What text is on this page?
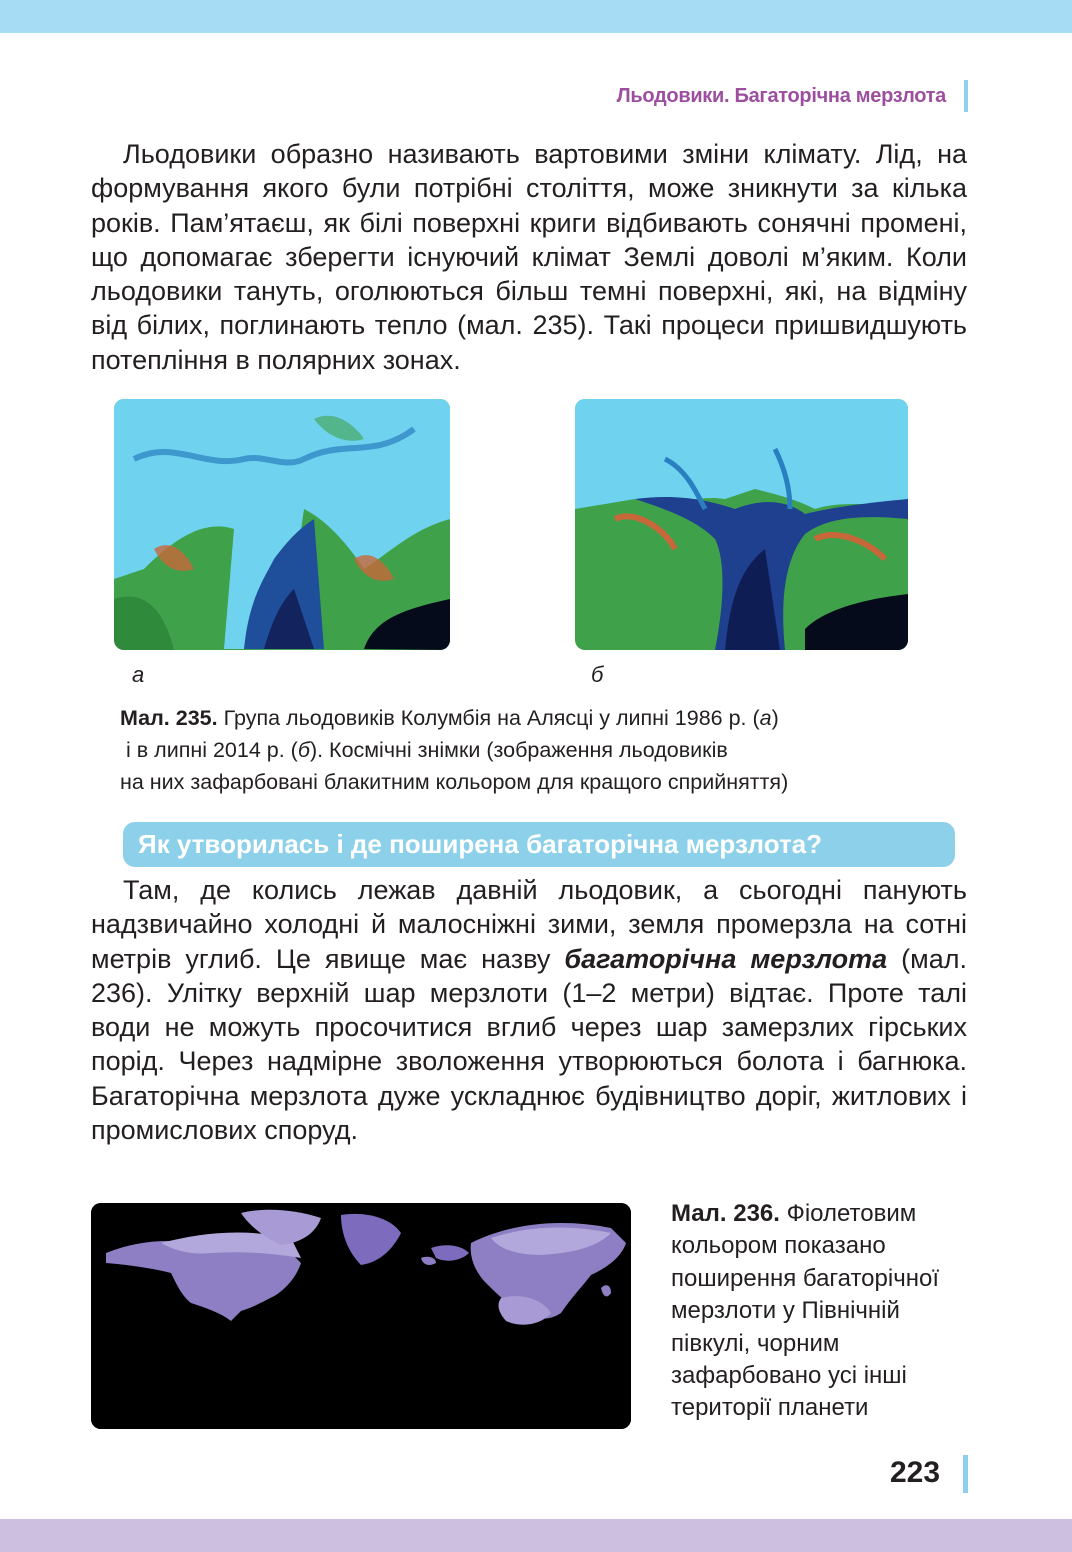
Льодовики. Багаторічна мерзлота

Льодовики образно називають вартовими зміни клімату. Лід, на формування якого були потрібні століття, може зникнути за кілька років. Пам’ятаєш, як білі поверхні криги відбивають сонячні промені, що допомагає зберегти існуючий клімат Землі доволі м’яким. Коли льодовики тануть, оголюються більш темні поверхні, які, на відміну від білих, поглинають тепло (мал. 235). Такі процеси пришвидшують потепління в полярних зонах.

а	б

Мал. 235. Група льодовиків Колумбія на Алясці у липні 1986 р. (а)
і в липні 2014 р. (б). Космічні знімки (зображення льодовиків
на них зафарбовані блакитним кольором для кращого сприйняття)

Як утворилась і де поширена багаторічна мерзлота?

Там, де колись лежав давній льодовик, а сьогодні панують надзвичайно холодні й малосніжні зими, земля промерзла на сотні метрів углиб. Це явище має назву багаторічна мерзлота (мал. 236). Улітку верхній шар мерзлоти (1–2 метри) відтає. Проте талі води не можуть просочитися вглиб через шар замерзлих гірських порід. Через надмірне зволоження утворюються болота і багнюка. Багаторічна мерзлота дуже ускладнює будівництво доріг, житлових і промислових споруд.

Мал. 236. Фіолетовим
кольором показано
поширення багаторічної
мерзлоти у Північній
півкулі, чорним
зафарбовано усі інші
території планети

223
